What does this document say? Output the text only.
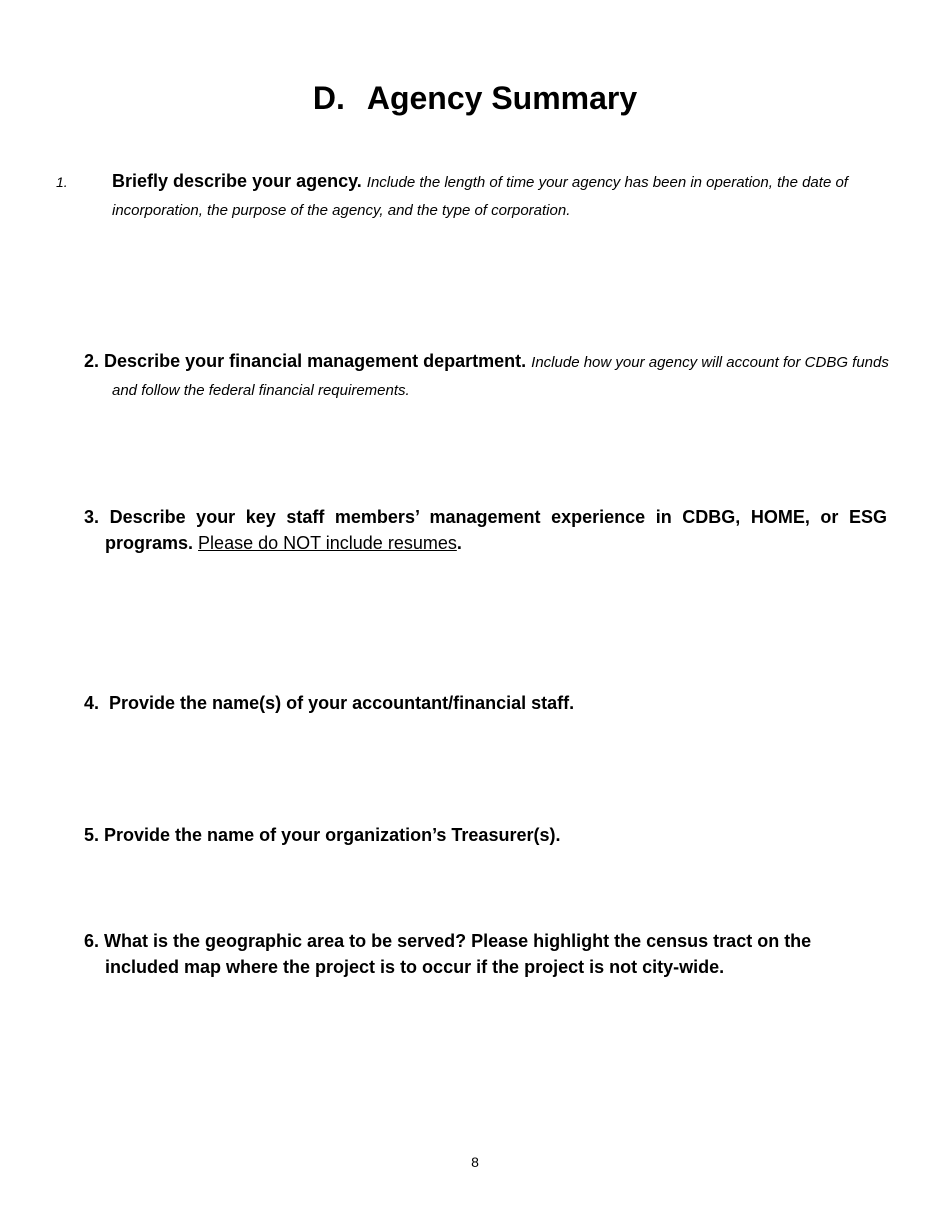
D. Agency Summary

1. Briefly describe your agency. Include the length of time your agency has been in operation, the date of incorporation, the purpose of the agency, and the type of corporation.

2. Describe your financial management department. Include how your agency will account for CDBG funds and follow the federal financial requirements.

3. Describe your key staff members’ management experience in CDBG, HOME, or ESG programs. Please do NOT include resumes.

4. Provide the name(s) of your accountant/financial staff.

5. Provide the name of your organization’s Treasurer(s).

6. What is the geographic area to be served? Please highlight the census tract on the included map where the project is to occur if the project is not city-wide.

8
